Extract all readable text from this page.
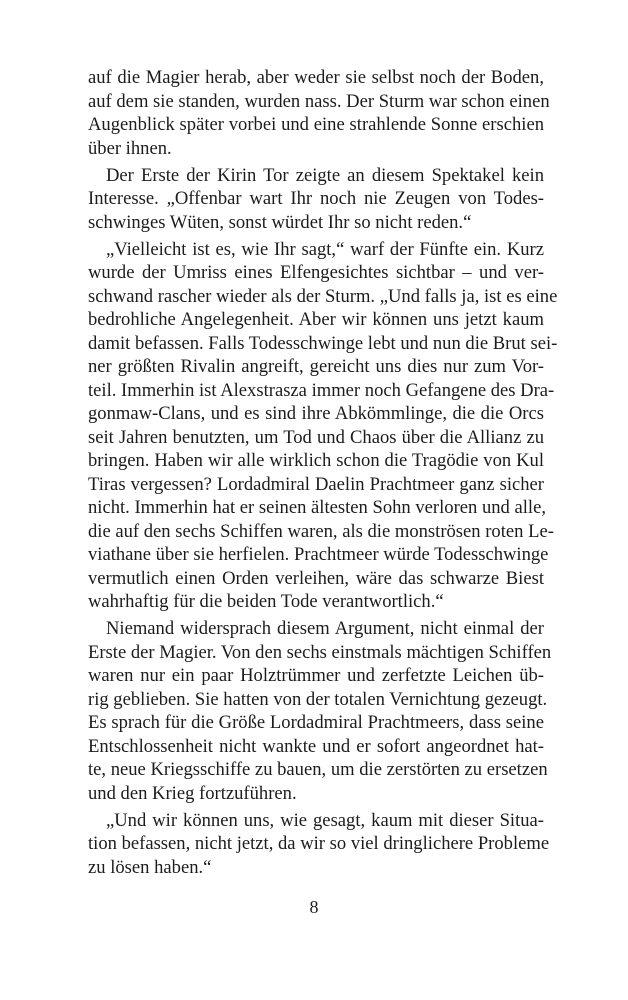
auf die Magier herab, aber weder sie selbst noch der Boden,
auf dem sie standen, wurden nass. Der Sturm war schon einen
Augenblick später vorbei und eine strahlende Sonne erschien
über ihnen.
Der Erste der Kirin Tor zeigte an diesem Spektakel kein
Interesse. „Offenbar wart Ihr noch nie Zeugen von Todes-
schwinges Wüten, sonst würdet Ihr so nicht reden.“
„Vielleicht ist es, wie Ihr sagt,“ warf der Fünfte ein. Kurz
wurde der Umriss eines Elfengesichtes sichtbar – und ver-
schwand rascher wieder als der Sturm. „Und falls ja, ist es eine
bedrohliche Angelegenheit. Aber wir können uns jetzt kaum
damit befassen. Falls Todesschwinge lebt und nun die Brut sei-
ner größten Rivalin angreift, gereicht uns dies nur zum Vor-
teil. Immerhin ist Alexstrasza immer noch Gefangene des Dra-
gonmaw-Clans, und es sind ihre Abkömmlinge, die die Orcs
seit Jahren benutzten, um Tod und Chaos über die Allianz zu
bringen. Haben wir alle wirklich schon die Tragödie von Kul
Tiras vergessen? Lordadmiral Daelin Prachtmeer ganz sicher
nicht. Immerhin hat er seinen ältesten Sohn verloren und alle,
die auf den sechs Schiffen waren, als die monströsen roten Le-
viathane über sie herfielen. Prachtmeer würde Todesschwinge
vermutlich einen Orden verleihen, wäre das schwarze Biest
wahrhaftig für die beiden Tode verantwortlich.“
Niemand widersprach diesem Argument, nicht einmal der
Erste der Magier. Von den sechs einstmals mächtigen Schiffen
waren nur ein paar Holztrümmer und zerfetzte Leichen üb-
rig geblieben. Sie hatten von der totalen Vernichtung gezeugt.
Es sprach für die Größe Lordadmiral Prachtmeers, dass seine
Entschlossenheit nicht wankte und er sofort angeordnet hat-
te, neue Kriegsschiffe zu bauen, um die zerstörten zu ersetzen
und den Krieg fortzuführen.
„Und wir können uns, wie gesagt, kaum mit dieser Situa-
tion befassen, nicht jetzt, da wir so viel dringlichere Probleme
zu lösen haben.“
8
